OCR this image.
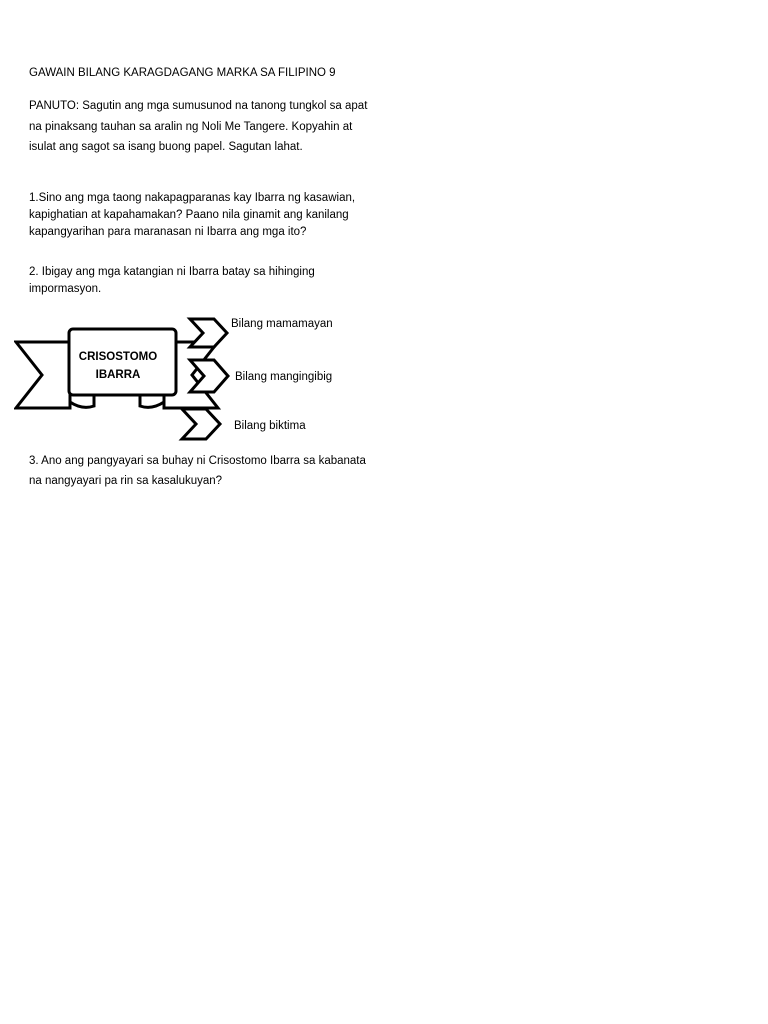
GAWAIN BILANG KARAGDAGANG MARKA SA FILIPINO 9
PANUTO: Sagutin ang mga sumusunod na tanong tungkol sa apat na pinaksang tauhan sa aralin ng Noli Me Tangere. Kopyahin at isulat ang sagot sa isang buong papel. Sagutan lahat.
1.Sino ang mga taong nakapagparanas kay Ibarra ng kasawian, kapighatian at kapahamakan? Paano nila ginamit ang kanilang kapangyarihan para maranasan ni Ibarra ang mga ito?
2. Ibigay ang mga katangian ni Ibarra batay sa hihinging impormasyon.
CRISOSTOMO
IBARRA
Bilang mamamayan
Bilang mangingibig
Bilang biktima
3. Ano ang pangyayari sa buhay ni Crisostomo Ibarra sa kabanata na nangyayari pa rin sa kasalukuyan?
